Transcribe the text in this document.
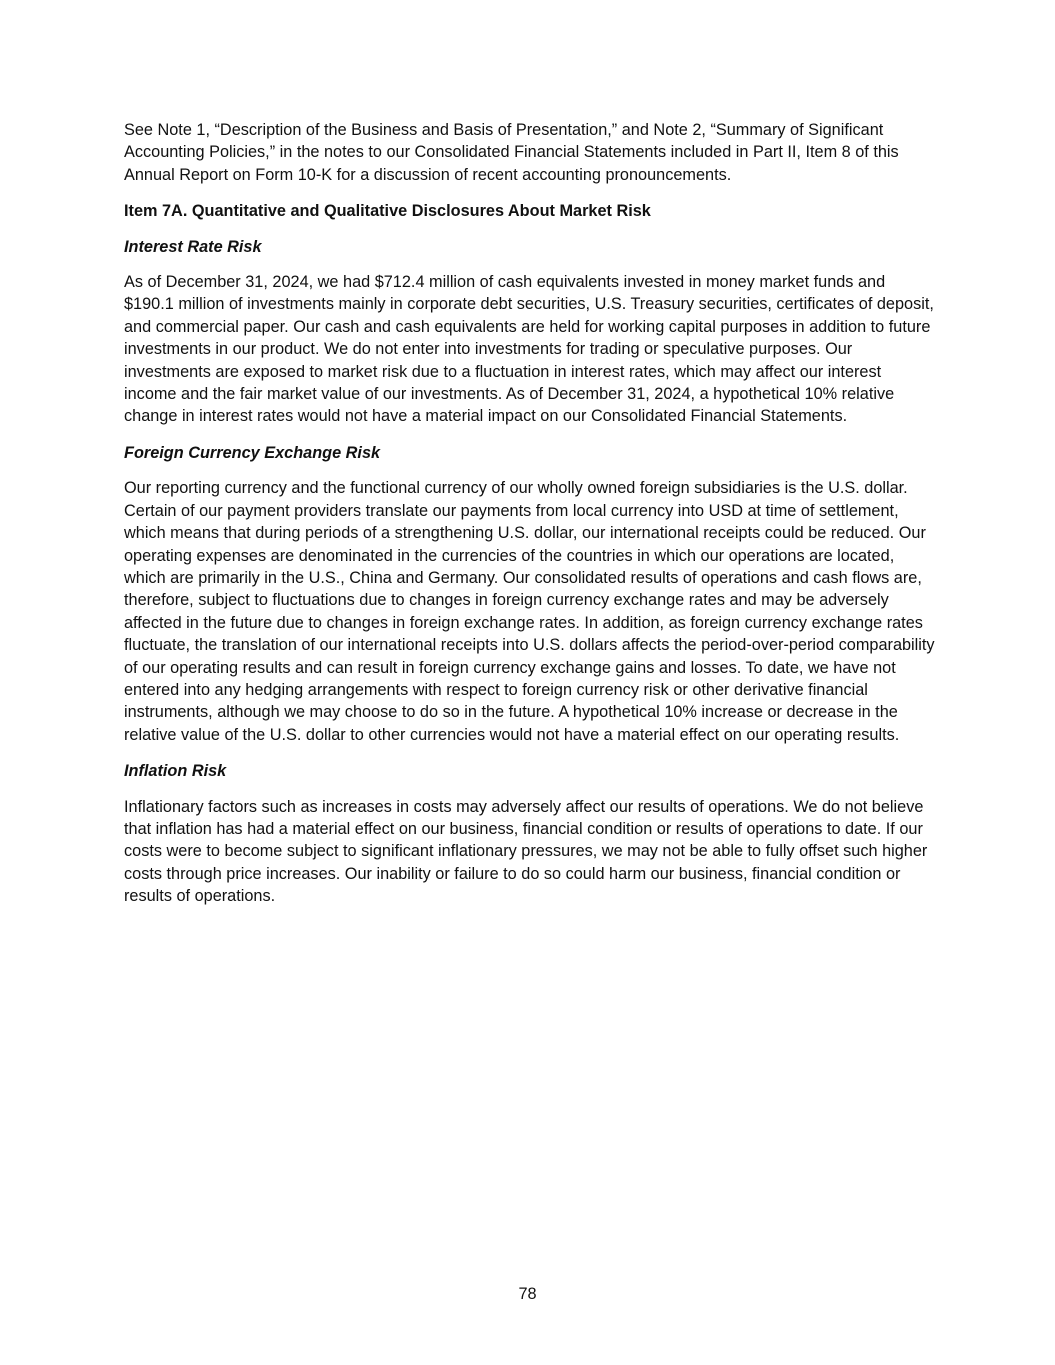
See Note 1, “Description of the Business and Basis of Presentation,” and Note 2, “Summary of Significant Accounting Policies,” in the notes to our Consolidated Financial Statements included in Part II, Item 8 of this Annual Report on Form 10-K for a discussion of recent accounting pronouncements.

Item 7A. Quantitative and Qualitative Disclosures About Market Risk

Interest Rate Risk

As of December 31, 2024, we had $712.4 million of cash equivalents invested in money market funds and $190.1 million of investments mainly in corporate debt securities, U.S. Treasury securities, certificates of deposit, and commercial paper. Our cash and cash equivalents are held for working capital purposes in addition to future investments in our product. We do not enter into investments for trading or speculative purposes. Our investments are exposed to market risk due to a fluctuation in interest rates, which may affect our interest income and the fair market value of our investments. As of December 31, 2024, a hypothetical 10% relative change in interest rates would not have a material impact on our Consolidated Financial Statements.

Foreign Currency Exchange Risk

Our reporting currency and the functional currency of our wholly owned foreign subsidiaries is the U.S. dollar. Certain of our payment providers translate our payments from local currency into USD at time of settlement, which means that during periods of a strengthening U.S. dollar, our international receipts could be reduced. Our operating expenses are denominated in the currencies of the countries in which our operations are located, which are primarily in the U.S., China and Germany. Our consolidated results of operations and cash flows are, therefore, subject to fluctuations due to changes in foreign currency exchange rates and may be adversely affected in the future due to changes in foreign exchange rates. In addition, as foreign currency exchange rates fluctuate, the translation of our international receipts into U.S. dollars affects the period-over-period comparability of our operating results and can result in foreign currency exchange gains and losses. To date, we have not entered into any hedging arrangements with respect to foreign currency risk or other derivative financial instruments, although we may choose to do so in the future. A hypothetical 10% increase or decrease in the relative value of the U.S. dollar to other currencies would not have a material effect on our operating results.

Inflation Risk

Inflationary factors such as increases in costs may adversely affect our results of operations. We do not believe that inflation has had a material effect on our business, financial condition or results of operations to date. If our costs were to become subject to significant inflationary pressures, we may not be able to fully offset such higher costs through price increases. Our inability or failure to do so could harm our business, financial condition or results of operations.

78
